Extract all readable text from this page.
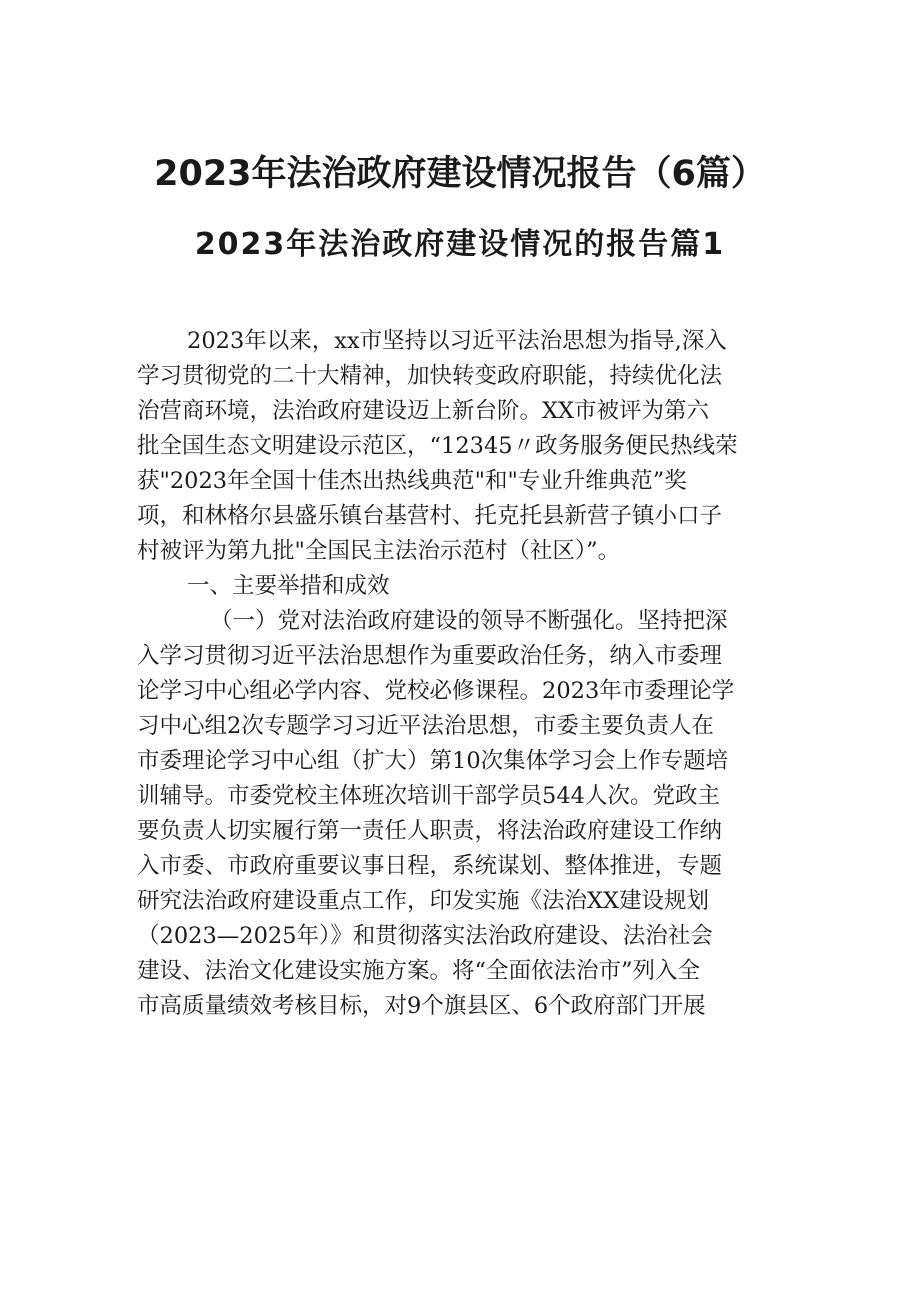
2023年法治政府建设情况报告（6篇）
2023年法治政府建设情况的报告篇1

2023年以来，xx市坚持以习近平法治思想为指导,深入

学习贯彻党的二十大精神，加快转变政府职能，持续优化法

治营商环境，法治政府建设迈上新台阶。XX市被评为第六

批全国生态文明建设示范区，“12345〃政务服务便民热线荣

获"2023年全国十佳杰出热线典范"和"专业升维典范”奖

项，和林格尔县盛乐镇台基营村、托克托县新营子镇小口子

村被评为第九批"全国民主法治示范村（社区）”。

一、主要举措和成效

（一）党对法治政府建设的领导不断强化。坚持把深

入学习贯彻习近平法治思想作为重要政治任务，纳入市委理

论学习中心组必学内容、党校必修课程。2023年市委理论学

习中心组2次专题学习习近平法治思想，市委主要负责人在

市委理论学习中心组（扩大）第10次集体学习会上作专题培

训辅导。市委党校主体班次培训干部学员544人次。党政主

要负责人切实履行第一责任人职责，将法治政府建设工作纳

入市委、市政府重要议事日程，系统谋划、整体推进，专题

研究法治政府建设重点工作，印发实施《法治XX建设规划

（2023—2025年）》和贯彻落实法治政府建设、法治社会

建设、法治文化建设实施方案。将“全面依法治市”列入全

市高质量绩效考核目标，对9个旗县区、6个政府部门开展
